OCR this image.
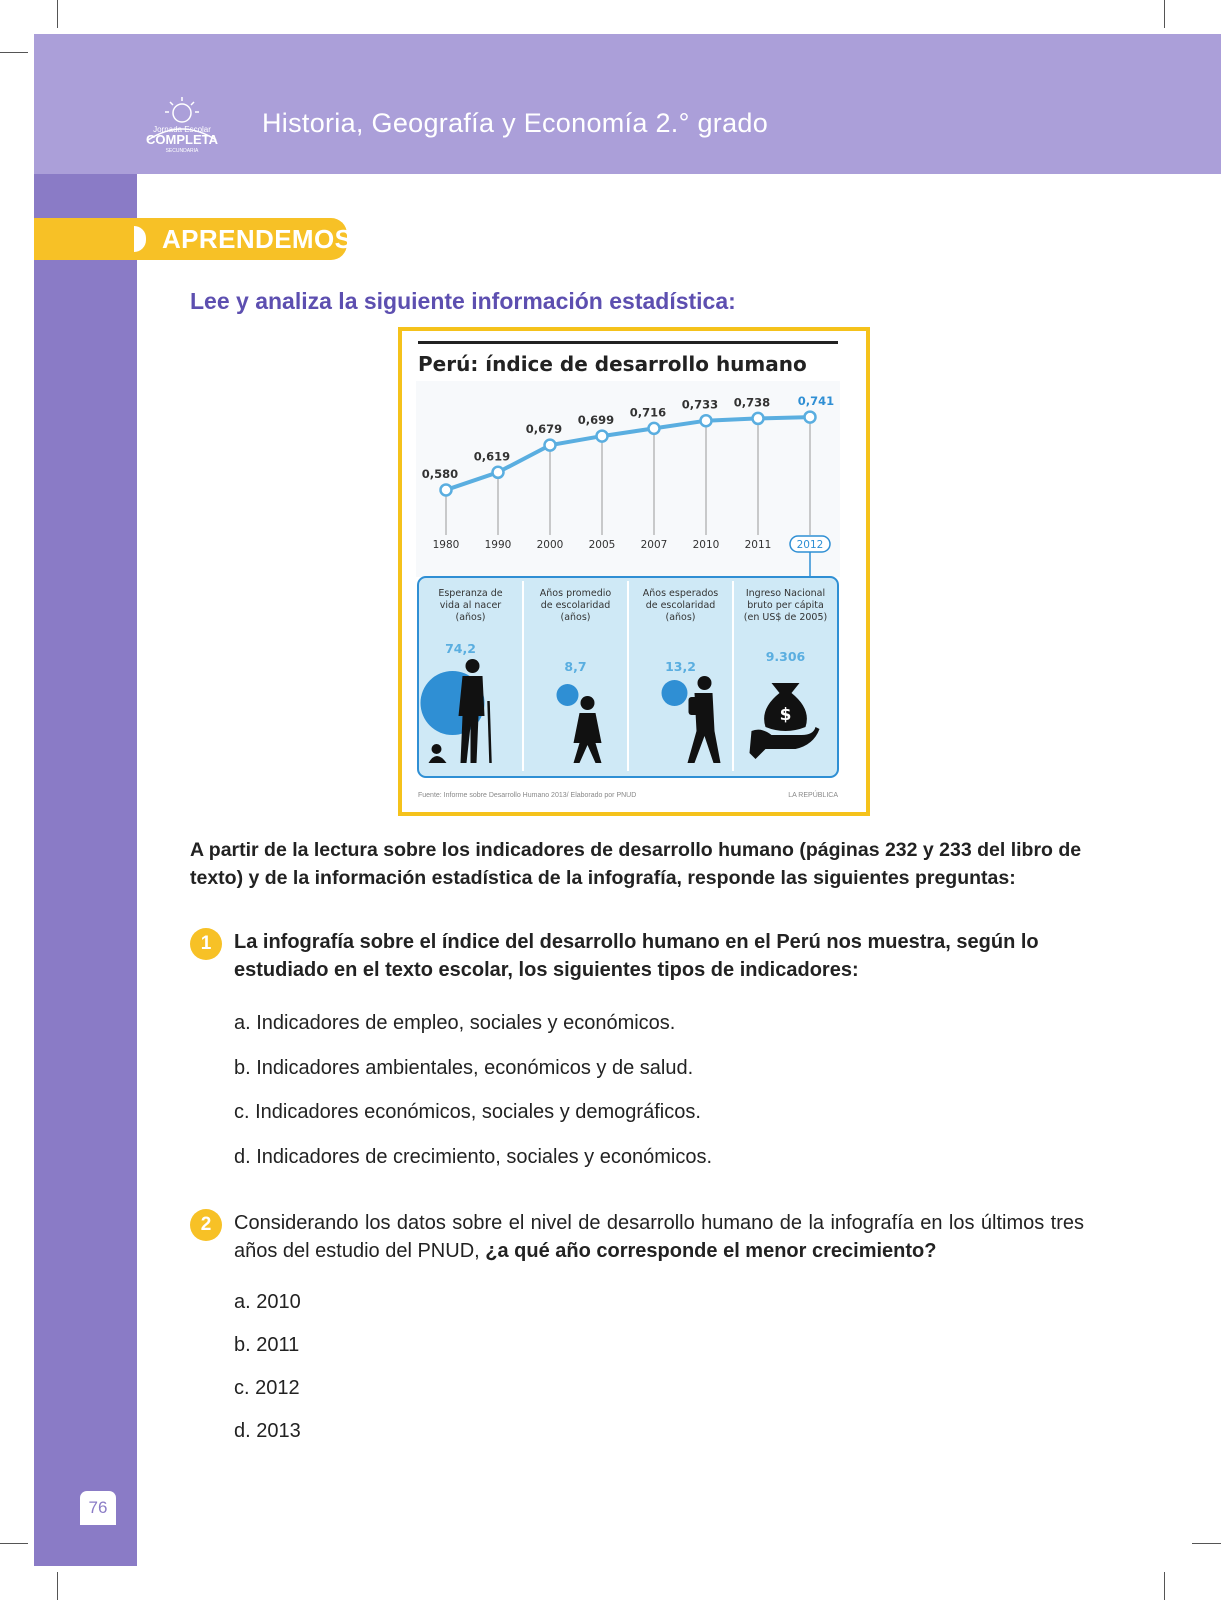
Jornada Escolar
COMPLETA
SECUNDARIA
Historia, Geografía y Economía 2.° grado
APRENDEMOS
Lee y analiza la siguiente información estadística:
Perú: índice de desarrollo humano
0,580
1980
0,619
1990
0,679
2000
0,699
2005
0,716
2007
0,733
2010
0,738
2011
0,741
2012
Esperanza de
vida al nacer
(años)
74,2
Años promedio
de escolaridad
(años)
8,7
Años esperados
de escolaridad
(años)
13,2
Ingreso Nacional
bruto per cápita
(en US$ de 2005)
9.306
$
Fuente: Informe sobre Desarrollo Humano 2013/ Elaborado por PNUD	LA REPÚBLICA
A partir de la lectura sobre los indicadores de desarrollo humano (páginas 232 y 233 del libro de texto) y de la información estadística de la infografía, responde las siguientes preguntas:
1	La infografía sobre el índice del desarrollo humano en el Perú nos muestra, según lo estudiado en el texto escolar, los siguientes tipos de indicadores:
a. Indicadores de empleo, sociales y económicos.
b. Indicadores ambientales, económicos y de salud.
c. Indicadores económicos, sociales y demográficos.
d. Indicadores de crecimiento, sociales y económicos.
2	Considerando los datos sobre el nivel de desarrollo humano de la infografía en los últimos tres años del estudio del PNUD, ¿a qué año corresponde el menor crecimiento?
a. 2010
b. 2011
c. 2012
d. 2013
76
